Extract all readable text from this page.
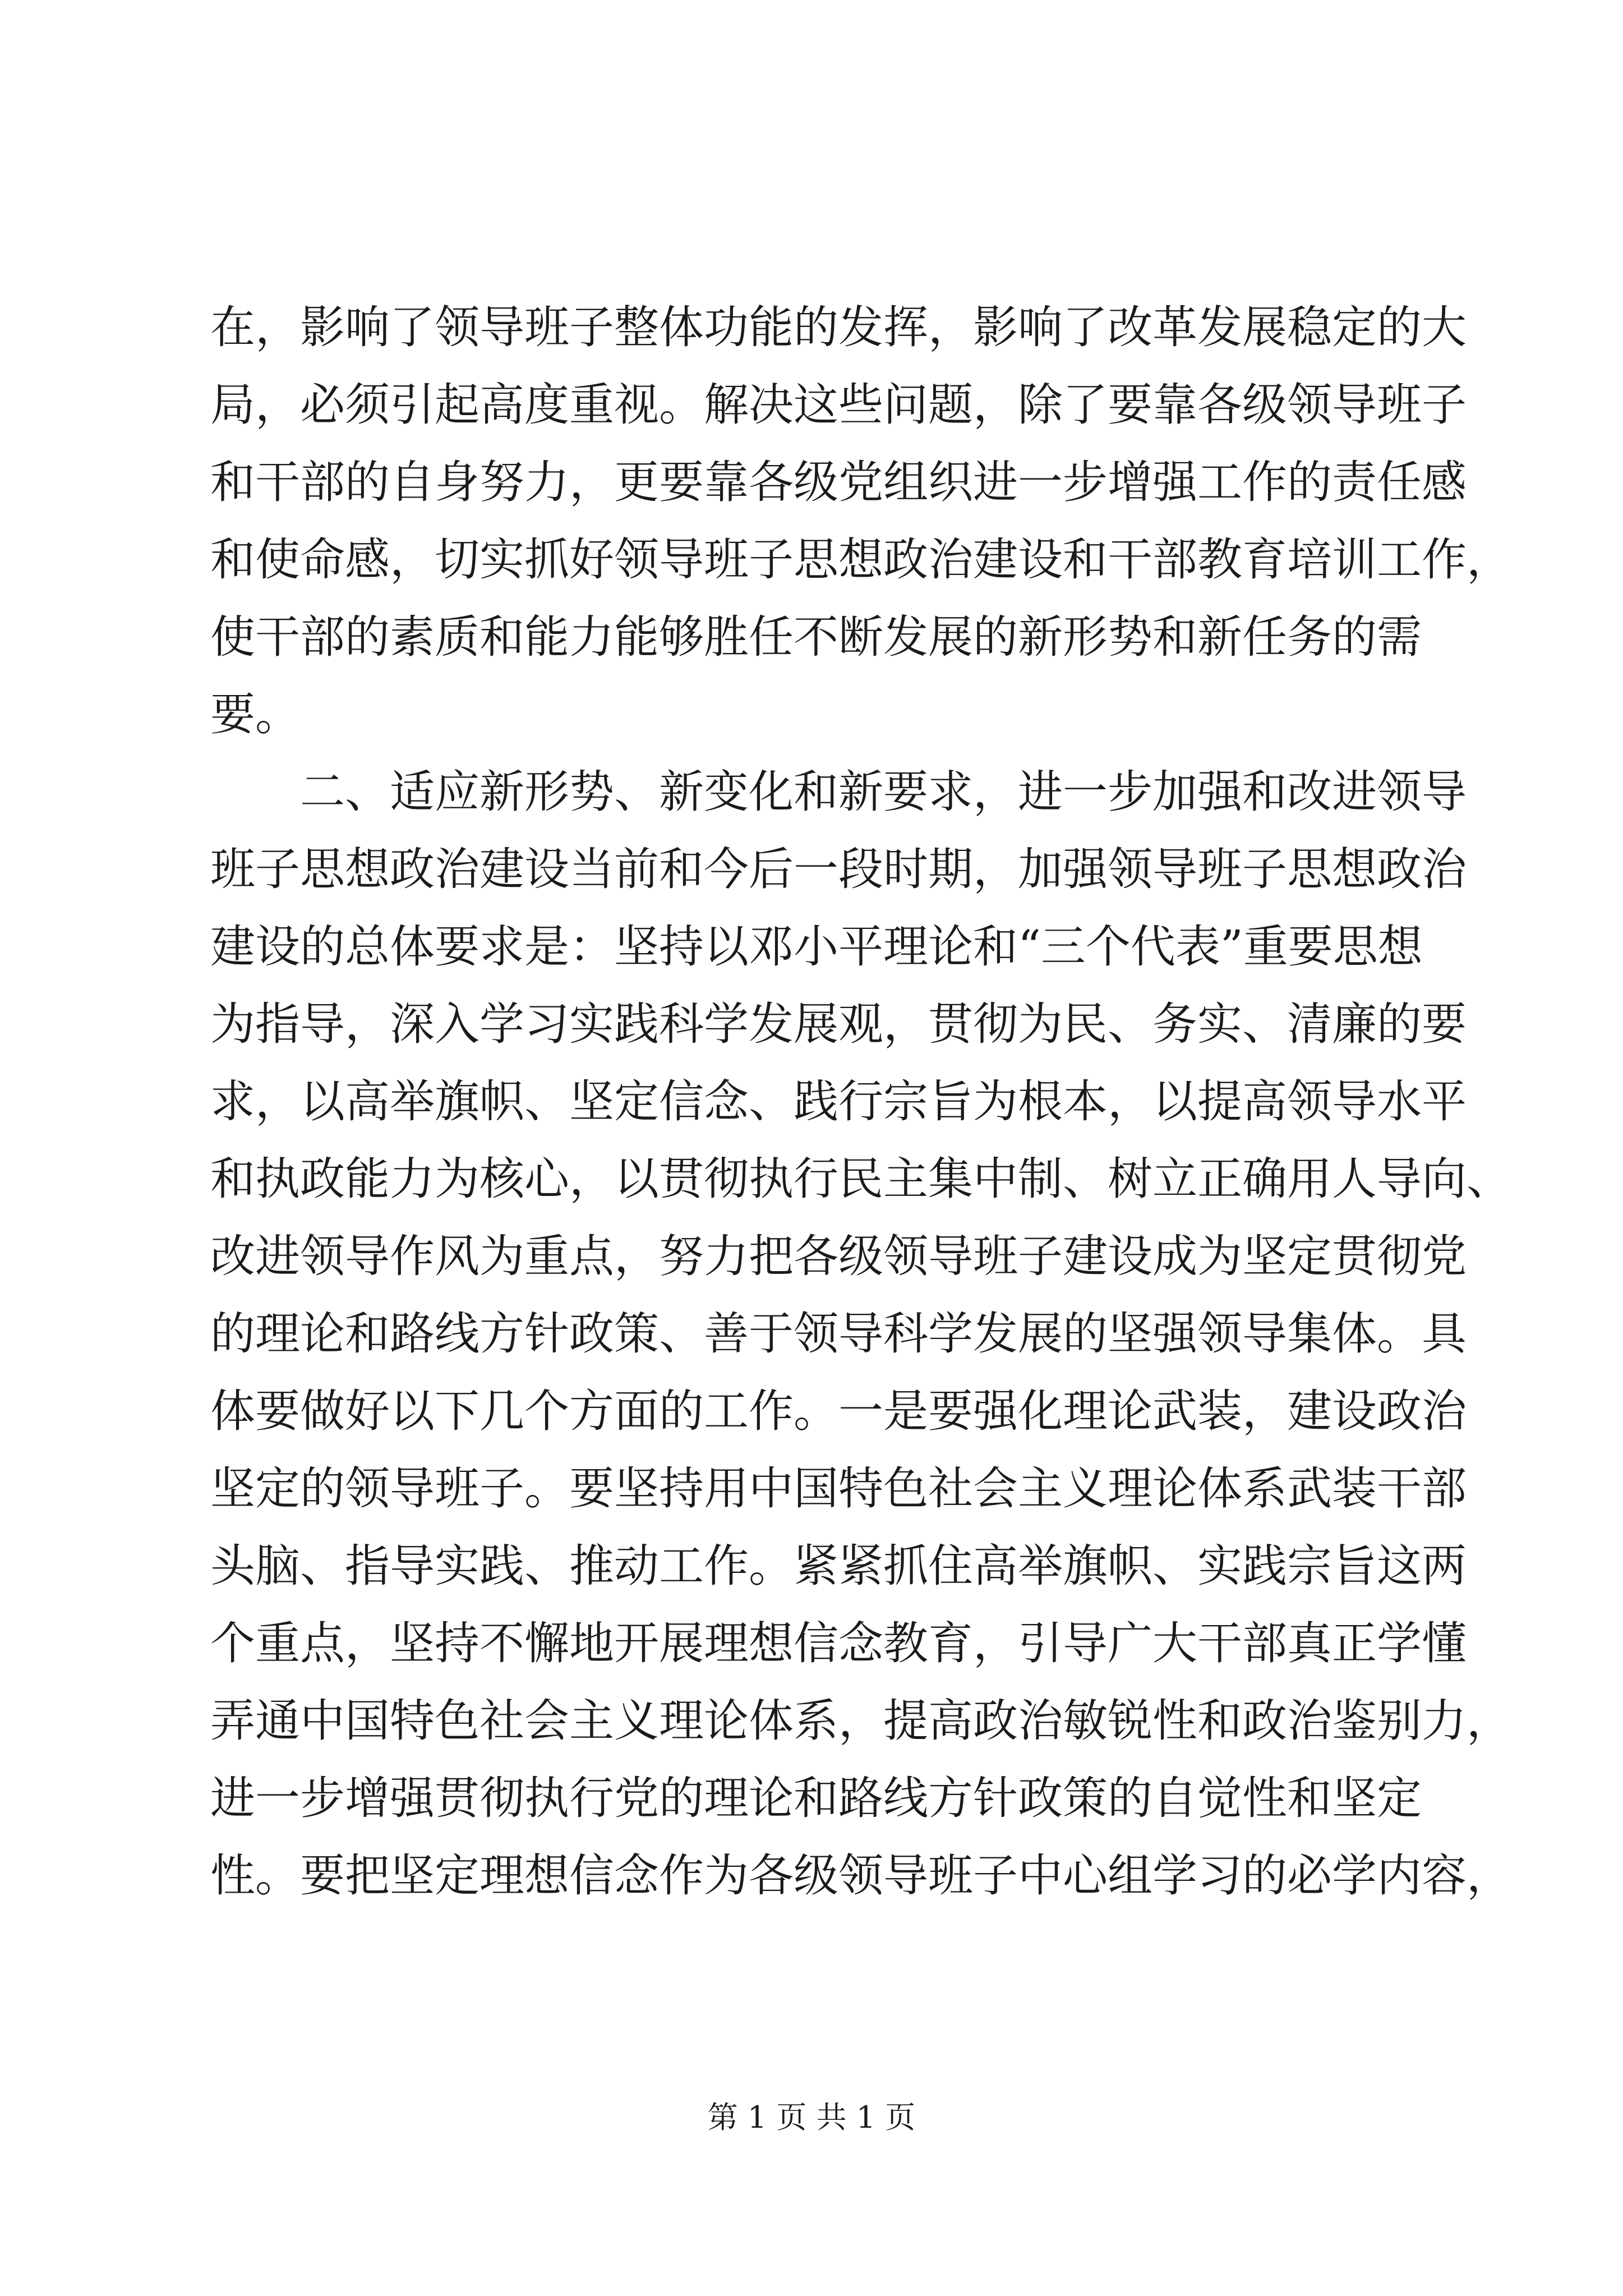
在，影响了领导班子整体功能的发挥，影响了改革发展稳定的大
局，必须引起高度重视。解决这些问题，除了要靠各级领导班子
和干部的自身努力，更要靠各级党组织进一步增强工作的责任感
和使命感，切实抓好领导班子思想政治建设和干部教育培训工作，
使干部的素质和能力能够胜任不断发展的新形势和新任务的需
要。
二、适应新形势、新变化和新要求，进一步加强和改进领导
班子思想政治建设当前和今后一段时期，加强领导班子思想政治
建设的总体要求是：坚持以邓小平理论和“三个代表”重要思想
为指导，深入学习实践科学发展观，贯彻为民、务实、清廉的要
求，以高举旗帜、坚定信念、践行宗旨为根本，以提高领导水平
和执政能力为核心，以贯彻执行民主集中制、树立正确用人导向、
改进领导作风为重点，努力把各级领导班子建设成为坚定贯彻党
的理论和路线方针政策、善于领导科学发展的坚强领导集体。具
体要做好以下几个方面的工作。一是要强化理论武装，建设政治
坚定的领导班子。要坚持用中国特色社会主义理论体系武装干部
头脑、指导实践、推动工作。紧紧抓住高举旗帜、实践宗旨这两
个重点，坚持不懈地开展理想信念教育，引导广大干部真正学懂
弄通中国特色社会主义理论体系，提高政治敏锐性和政治鉴别力，
进一步增强贯彻执行党的理论和路线方针政策的自觉性和坚定
性。要把坚定理想信念作为各级领导班子中心组学习的必学内容，
第 1 页 共 1 页
